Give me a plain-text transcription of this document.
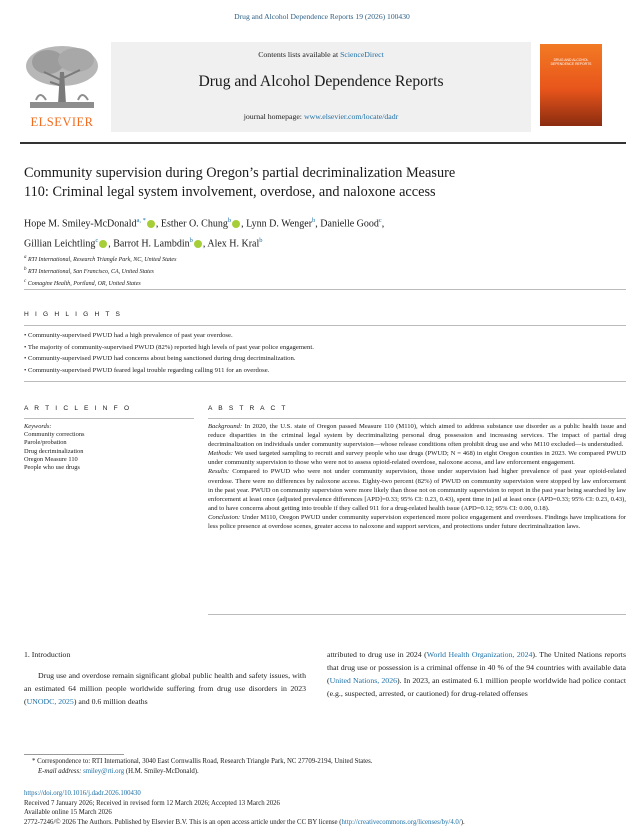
Drug and Alcohol Dependence Reports 19 (2026) 100430
ELSEVIER
Contents lists available at ScienceDirect
Drug and Alcohol Dependence Reports
journal homepage: www.elsevier.com/locate/dadr
DRUG AND ALCOHOL DEPENDENCE REPORTS
Community supervision during Oregon’s partial decriminalization Measure
110: Criminal legal system involvement, overdose, and naloxone access
Hope M. Smiley-McDonald$^{a, *}$ , Esther O. Chung$^b$ , Lynn D. Wenger$^b$, Danielle Good$^c$,
Gillian Leichtling$^c$ , Barrot H. Lambdin$^b$ , Alex H. Kral$^b$
$^a$ RTI International, Research Triangle Park, NC, United States
$^b$ RTI International, San Francisco, CA, United States
$^c$ Comagine Health, Portland, OR, United States
H I G H L I G H T S
• Community-supervised PWUD had a high prevalence of past year overdose.
• The majority of community-supervised PWUD (82%) reported high levels of past year police engagement.
• Community-supervised PWUD had concerns about being sanctioned during drug decriminalization.
• Community-supervised PWUD feared legal trouble regarding calling 911 for an overdose.
A R T I C L E I N F O	A B S T R A C T
Keywords:
Community corrections
Parole/probation
Drug decriminalization
Oregon Measure 110
People who use drugs

Background: In 2020, the U.S. state of Oregon passed Measure 110 (M110), which aimed to address substance use disorder as a public health issue and reduce disparities in the criminal legal system by decriminalizing personal drug possession and increasing services. The impact of partial drug decriminalization on individuals under community supervision—whose release conditions often prohibit drug use and who M110 excluded—is understudied.

Methods: We used targeted sampling to recruit and survey people who use drugs (PWUD; N = 468) in eight Oregon counties in 2023. We compared PWUD under community supervision to those who were not to assess opioid-related overdose, naloxone access, and law enforcement engagement.

Results: Compared to PWUD who were not under community supervision, those under supervision had higher prevalence of past year opioid-related overdose. There were no differences by naloxone access. Eighty-two percent (82%) of PWUD on community supervision were stopped by law enforcement in the past year. PWUD on community supervision were more likely than those not on community supervision to report in the past year being searched by law enforcement at least once (adjusted prevalence differences [APD]=0.33; 95% CI: 0.23, 0.43), spent time in jail at least once (APD=0.33; 95% CI: 0.23, 0.43), and to have concerns about getting into trouble if they called 911 for a drug-related health issue (APD=0.12; 95% CI: 0.00, 0.18).

Conclusion: Under M110, Oregon PWUD under community supervision experienced more police engagement and overdoses. Findings have implications for less police presence at overdose scenes, greater access to naloxone and support services, and protections under future decriminalization laws.

1. Introduction
Drug use and overdose remain significant global public health and safety issues, with an estimated 64 million people worldwide suffering from drug use disorders in 2023 (UNODC, 2025) and 0.6 million deaths
attributed to drug use in 2024 (World Health Organization, 2024). The United Nations reports that drug use or possession is a criminal offense in 40 % of the 94 countries with available data (United Nations, 2026). In 2023, an estimated 6.1 million people worldwide had police contact (e.g., suspected, arrested, or cautioned) for drug-related offenses
* Correspondence to: RTI International, 3040 East Cornwallis Road, Research Triangle Park, NC 27709-2194, United States.
E-mail address: smiley@rti.org (H.M. Smiley-McDonald).
https://doi.org/10.1016/j.dadr.2026.100430
Received 7 January 2026; Received in revised form 12 March 2026; Accepted 13 March 2026
Available online 15 March 2026
2772-7246/© 2026 The Authors. Published by Elsevier B.V. This is an open access article under the CC BY license (http://creativecommons.org/licenses/by/4.0/).
